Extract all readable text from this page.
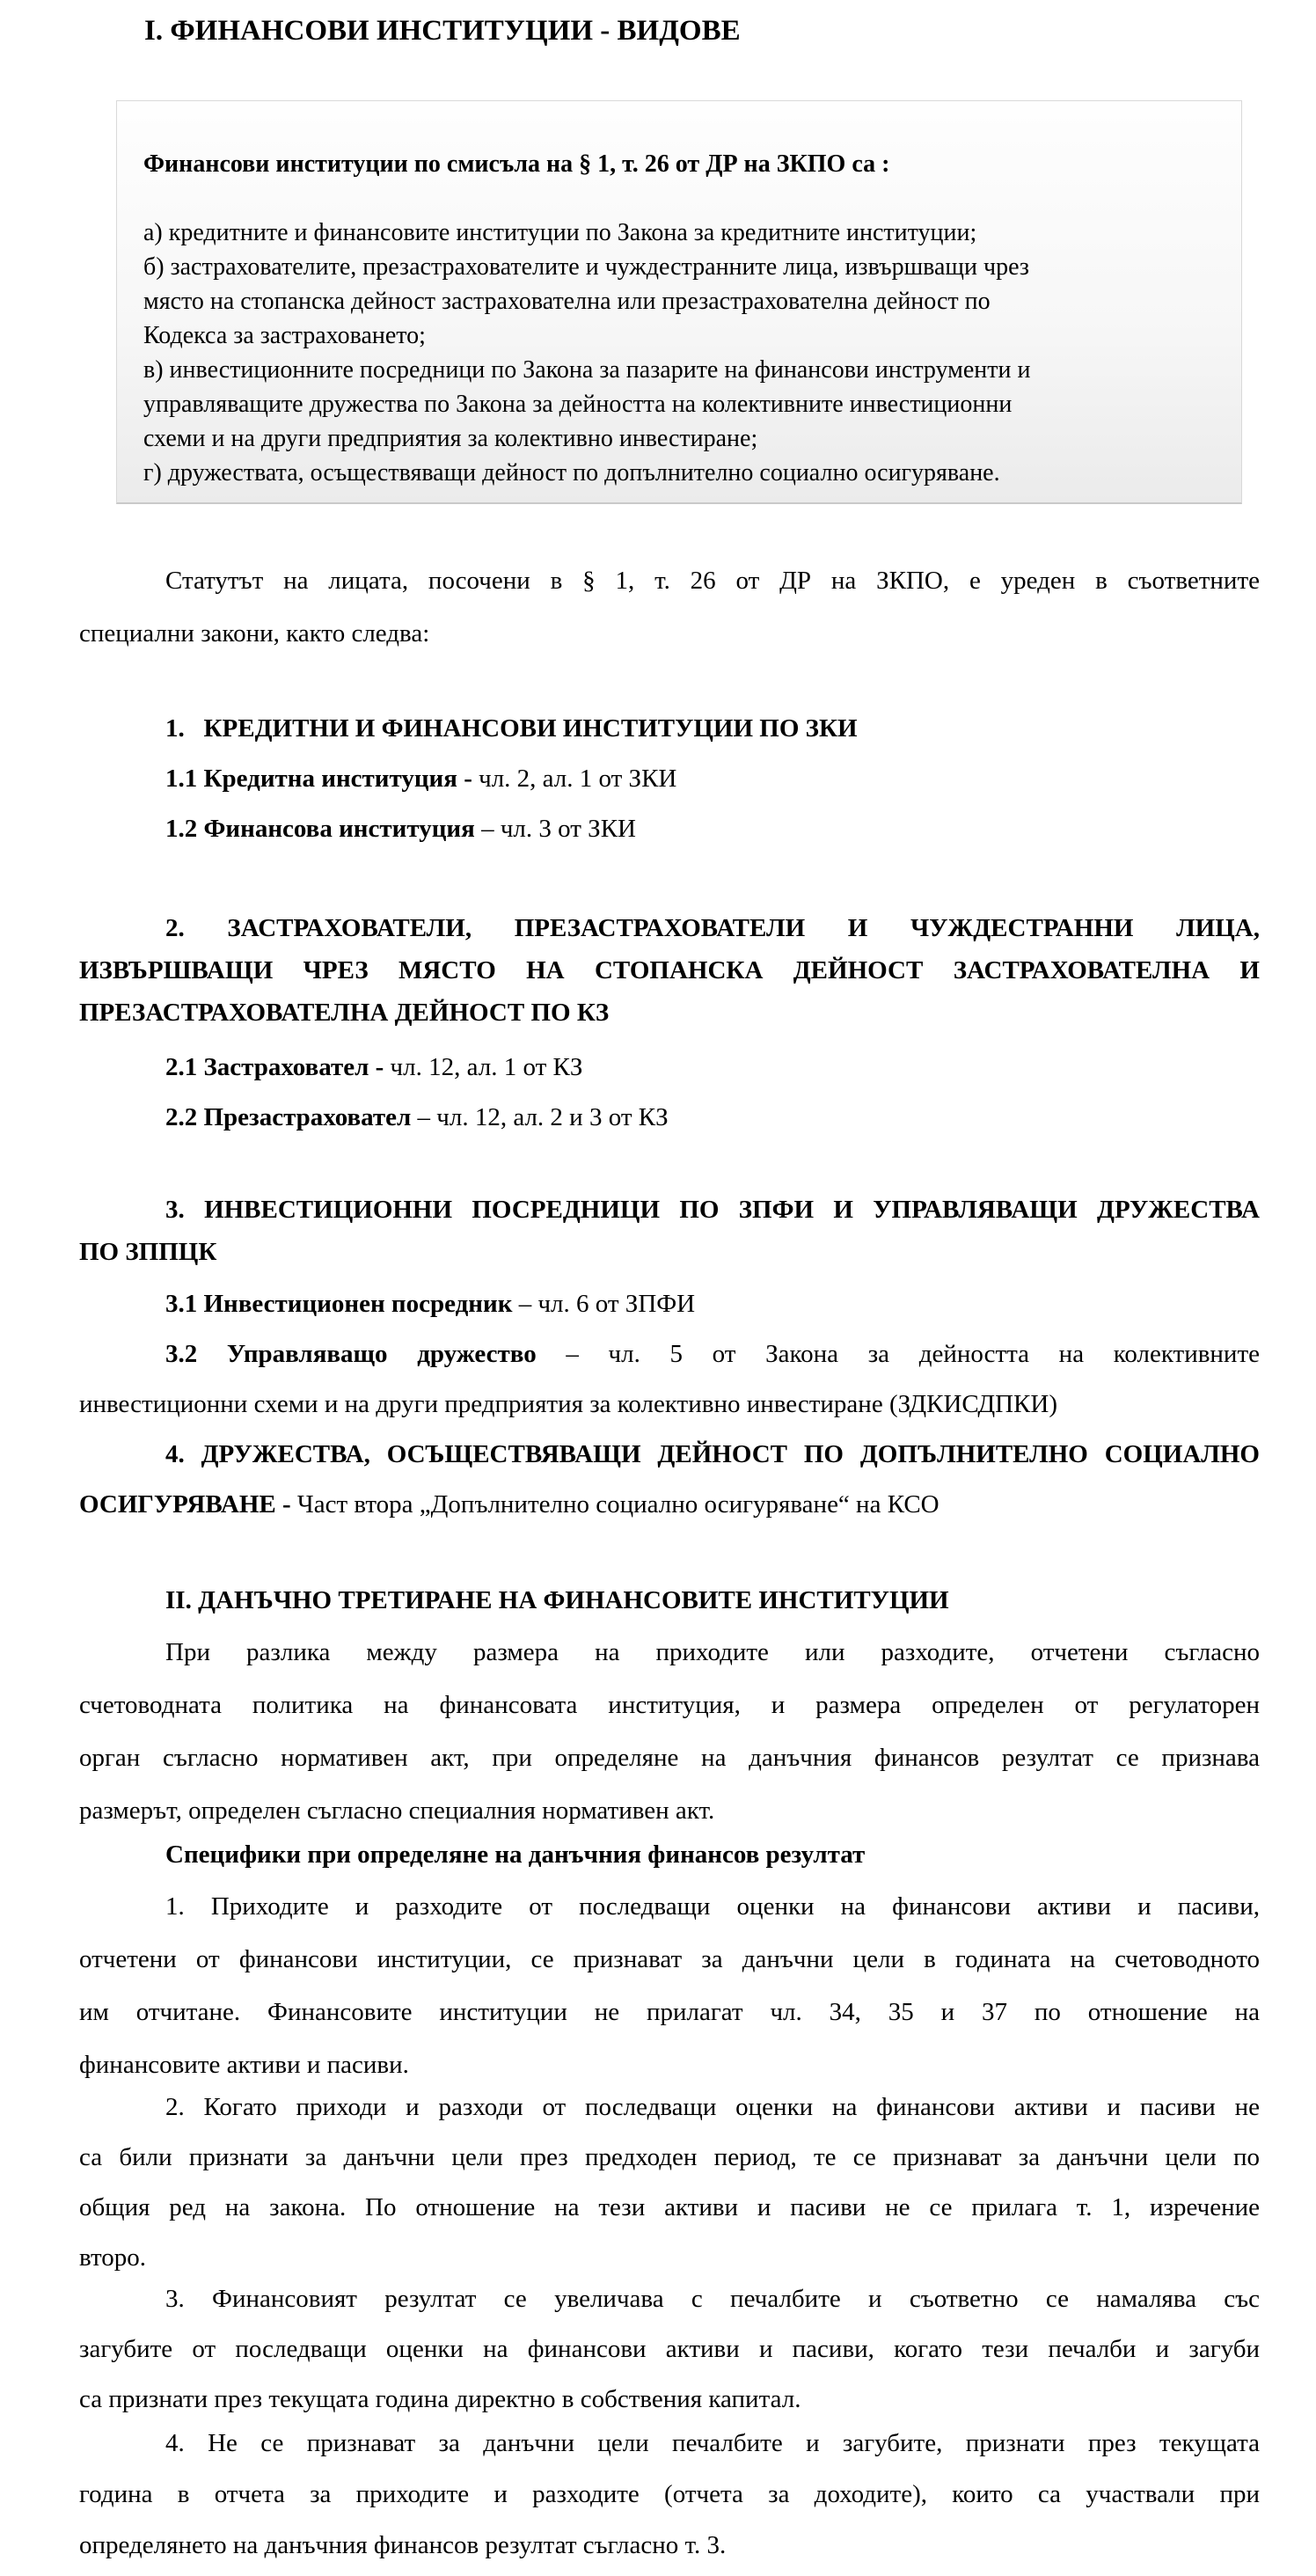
I. ФИНАНСОВИ ИНСТИТУЦИИ - ВИДОВЕ
Финансови институции по смисъла на § 1, т. 26 от ДР на ЗКПО са :
а) кредитните и финансовите институции по Закона за кредитните институции;
б) застрахователите, презастрахователите и чуждестранните лица, извършващи чрез
място на стопанска дейност застрахователна или презастрахователна дейност по
Кодекса за застраховането;
в) инвестиционните посредници по Закона за пазарите на финансови инструменти и
управляващите дружества по Закона за дейността на колективните инвестиционни
схеми и на други предприятия за колективно инвестиране;
г) дружествата, осъществяващи дейност по допълнително социално осигуряване.
Статутът на лицата, посочени в § 1, т. 26 от ДР на ЗКПО, е уреден в съответните
специални закони, както следва:
1.   КРЕДИТНИ И ФИНАНСОВИ ИНСТИТУЦИИ ПО ЗКИ
1.1 Кредитна институция - чл. 2, ал. 1 от ЗКИ
1.2 Финансова институция – чл. 3 от ЗКИ
2. ЗАСТРАХОВАТЕЛИ, ПРЕЗАСТРАХОВАТЕЛИ И ЧУЖДЕСТРАННИ ЛИЦА,
ИЗВЪРШВАЩИ ЧРЕЗ МЯСТО НА СТОПАНСКА ДЕЙНОСТ ЗАСТРАХОВАТЕЛНА И
ПРЕЗАСТРАХОВАТЕЛНА ДЕЙНОСТ ПО КЗ
2.1 Застраховател - чл. 12, ал. 1 от КЗ
2.2 Презастраховател – чл. 12, ал. 2 и 3 от КЗ
3. ИНВЕСТИЦИОННИ ПОСРЕДНИЦИ ПО ЗПФИ И УПРАВЛЯВАЩИ ДРУЖЕСТВА
ПО ЗППЦК
3.1 Инвестиционен посредник – чл. 6 от ЗПФИ
3.2 Управляващо дружество – чл. 5 от Закона за дейността на колективните
инвестиционни схеми и на други предприятия за колективно инвестиране (ЗДКИСДПКИ)
4. ДРУЖЕСТВА, ОСЪЩЕСТВЯВАЩИ ДЕЙНОСТ ПО ДОПЪЛНИТЕЛНО СОЦИАЛНО
ОСИГУРЯВАНЕ - Част втора „Допълнително социално осигуряване“ на КСО
II. ДАНЪЧНО ТРЕТИРАНЕ НА ФИНАНСОВИТЕ ИНСТИТУЦИИ
При разлика между размера на приходите или разходите, отчетени съгласно
счетоводната политика на финансовата институция, и размера определен от регулаторен
орган съгласно нормативен акт, при определяне на данъчния финансов резултат се признава
размерът, определен съгласно специалния нормативен акт.
Специфики при определяне на данъчния финансов резултат
1. Приходите и разходите от последващи оценки на финансови активи и пасиви,
отчетени от финансови институции, се признават за данъчни цели в годината на счетоводното
им отчитане. Финансовите институции не прилагат чл. 34, 35 и 37 по отношение на
финансовите активи и пасиви.
2. Когато приходи и разходи от последващи оценки на финансови активи и пасиви не
са били признати за данъчни цели през предходен период, те се признават за данъчни цели по
общия ред на закона. По отношение на тези активи и пасиви не се прилага т. 1, изречение
второ.
3. Финансовият резултат се увеличава с печалбите и съответно се намалява със
загубите от последващи оценки на финансови активи и пасиви, когато тези печалби и загуби
са признати през текущата година директно в собствения капитал.
4. Не се признават за данъчни цели печалбите и загубите, признати през текущата
година в отчета за приходите и разходите (отчета за доходите), които са участвали при
определянето на данъчния финансов резултат съгласно т. 3.
